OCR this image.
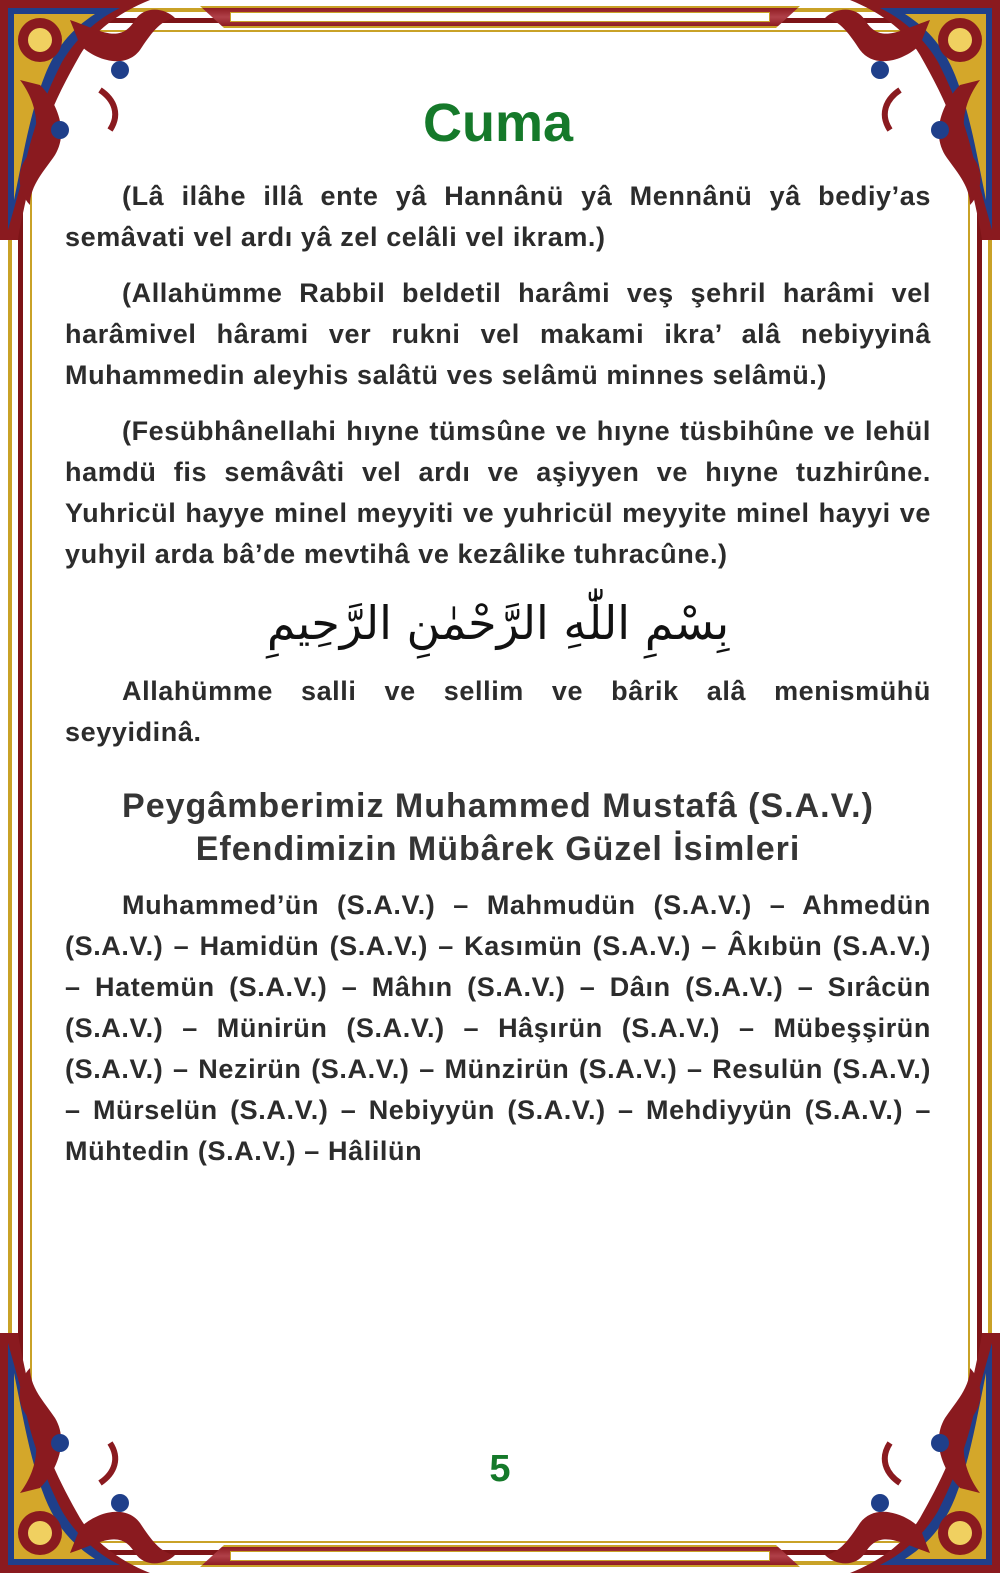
Cuma

(Lâ ilâhe illâ ente yâ Hannânü yâ Mennânü yâ bediy’as semâvati vel ardı yâ zel celâli vel ikram.)

(Allahümme Rabbil beldetil harâmi veş şehril harâmi vel harâmivel hârami ver rukni vel makami ikra’ alâ nebiyyinâ Muhammedin aleyhis salâtü ves selâmü minnes selâmü.)

(Fesübhânellahi hıyne tümsûne ve hıyne tüsbihûne ve lehül hamdü fis semâvâti vel ardı ve aşiyyen ve hıyne tuzhirûne. Yuhricül hayye minel meyyiti ve yuhricül meyyite minel hayyi ve yuhyil arda bâ’de mevtihâ ve kezâlike tuhracûne.)

بِسْمِ اللّٰهِ الرَّحْمٰنِ الرَّحِيمِ

Allahümme salli ve sellim ve bârik alâ menismühü seyyidinâ.

Peygâmberimiz Muhammed Mustafâ (S.A.V.) Efendimizin Mübârek Güzel İsimleri

Muhammed’ün (S.A.V.) – Mahmudün (S.A.V.) – Ahmedün (S.A.V.) – Hamidün (S.A.V.) – Kasımün (S.A.V.) – Âkıbün (S.A.V.) – Hatemün (S.A.V.) – Mâhın (S.A.V.) – Dâın (S.A.V.) – Sırâcün (S.A.V.) – Münirün (S.A.V.) – Hâşırün (S.A.V.) – Mübeşşirün (S.A.V.) – Nezirün (S.A.V.) – Münzirün (S.A.V.) – Resulün (S.A.V.) – Mürselün (S.A.V.) – Nebiyyün (S.A.V.) – Mehdiyyün (S.A.V.) – Mühtedin (S.A.V.) – Hâlilün

5
